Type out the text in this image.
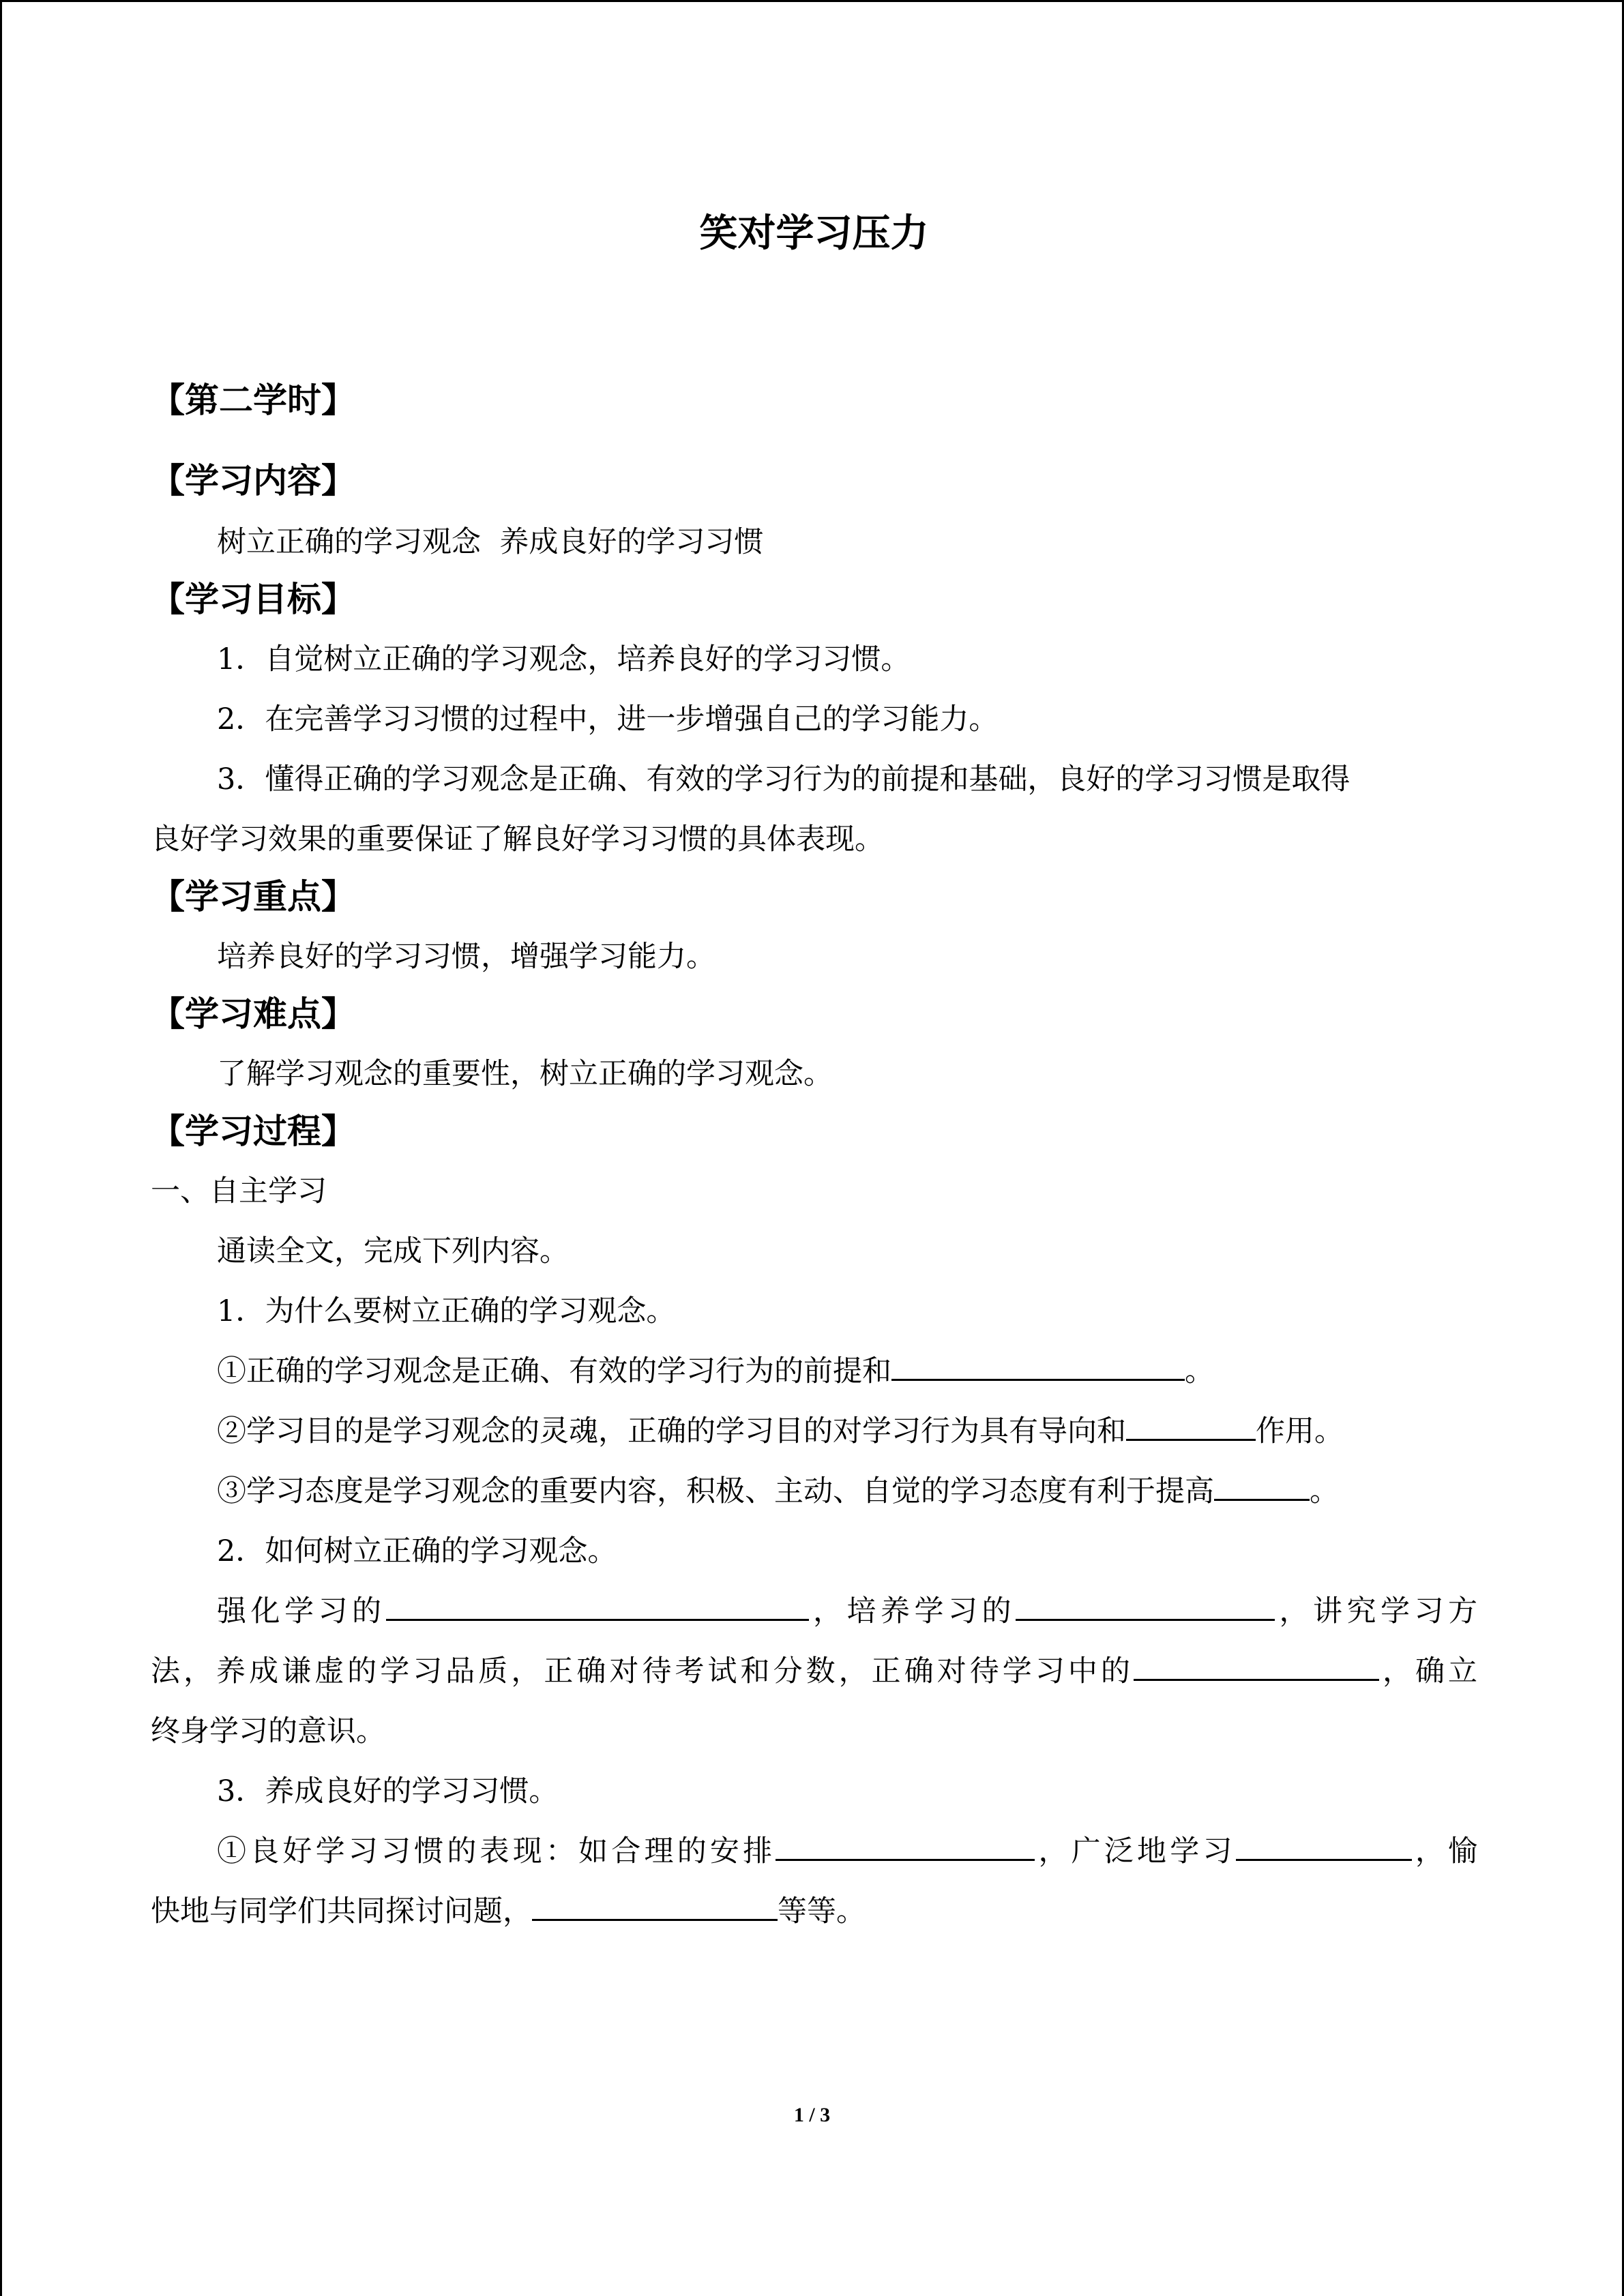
笑对学习压力
【第二学时】
【学习内容】

树立正确的学习观念  养成良好的学习习惯

【学习目标】

1．自觉树立正确的学习观念，培养良好的学习习惯。

2．在完善学习习惯的过程中，进一步增强自己的学习能力。

3．懂得正确的学习观念是正确、有效的学习行为的前提和基础，良好的学习习惯是取得

良好学习效果的重要保证了解良好学习习惯的具体表现。

【学习重点】

培养良好的学习习惯，增强学习能力。

【学习难点】

了解学习观念的重要性，树立正确的学习观念。

【学习过程】

一、自主学习

通读全文，完成下列内容。

1．为什么要树立正确的学习观念。

①正确的学习观念是正确、有效的学习行为的前提和	。

②学习目的是学习观念的灵魂，正确的学习目的对学习行为具有导向和	作用。

③学习态度是学习观念的重要内容，积极、主动、自觉的学习态度有利于提高	。

2．如何树立正确的学习观念。

强化学习的	，培养学习的	，讲究学习方

法，养成谦虚的学习品质，正确对待考试和分数，正确对待学习中的	，确立

终身学习的意识。

3．养成良好的学习习惯。

①良好学习习惯的表现：如合理的安排	，广泛地学习	，愉

快地与同学们共同探讨问题，	等等。

1 / 3
